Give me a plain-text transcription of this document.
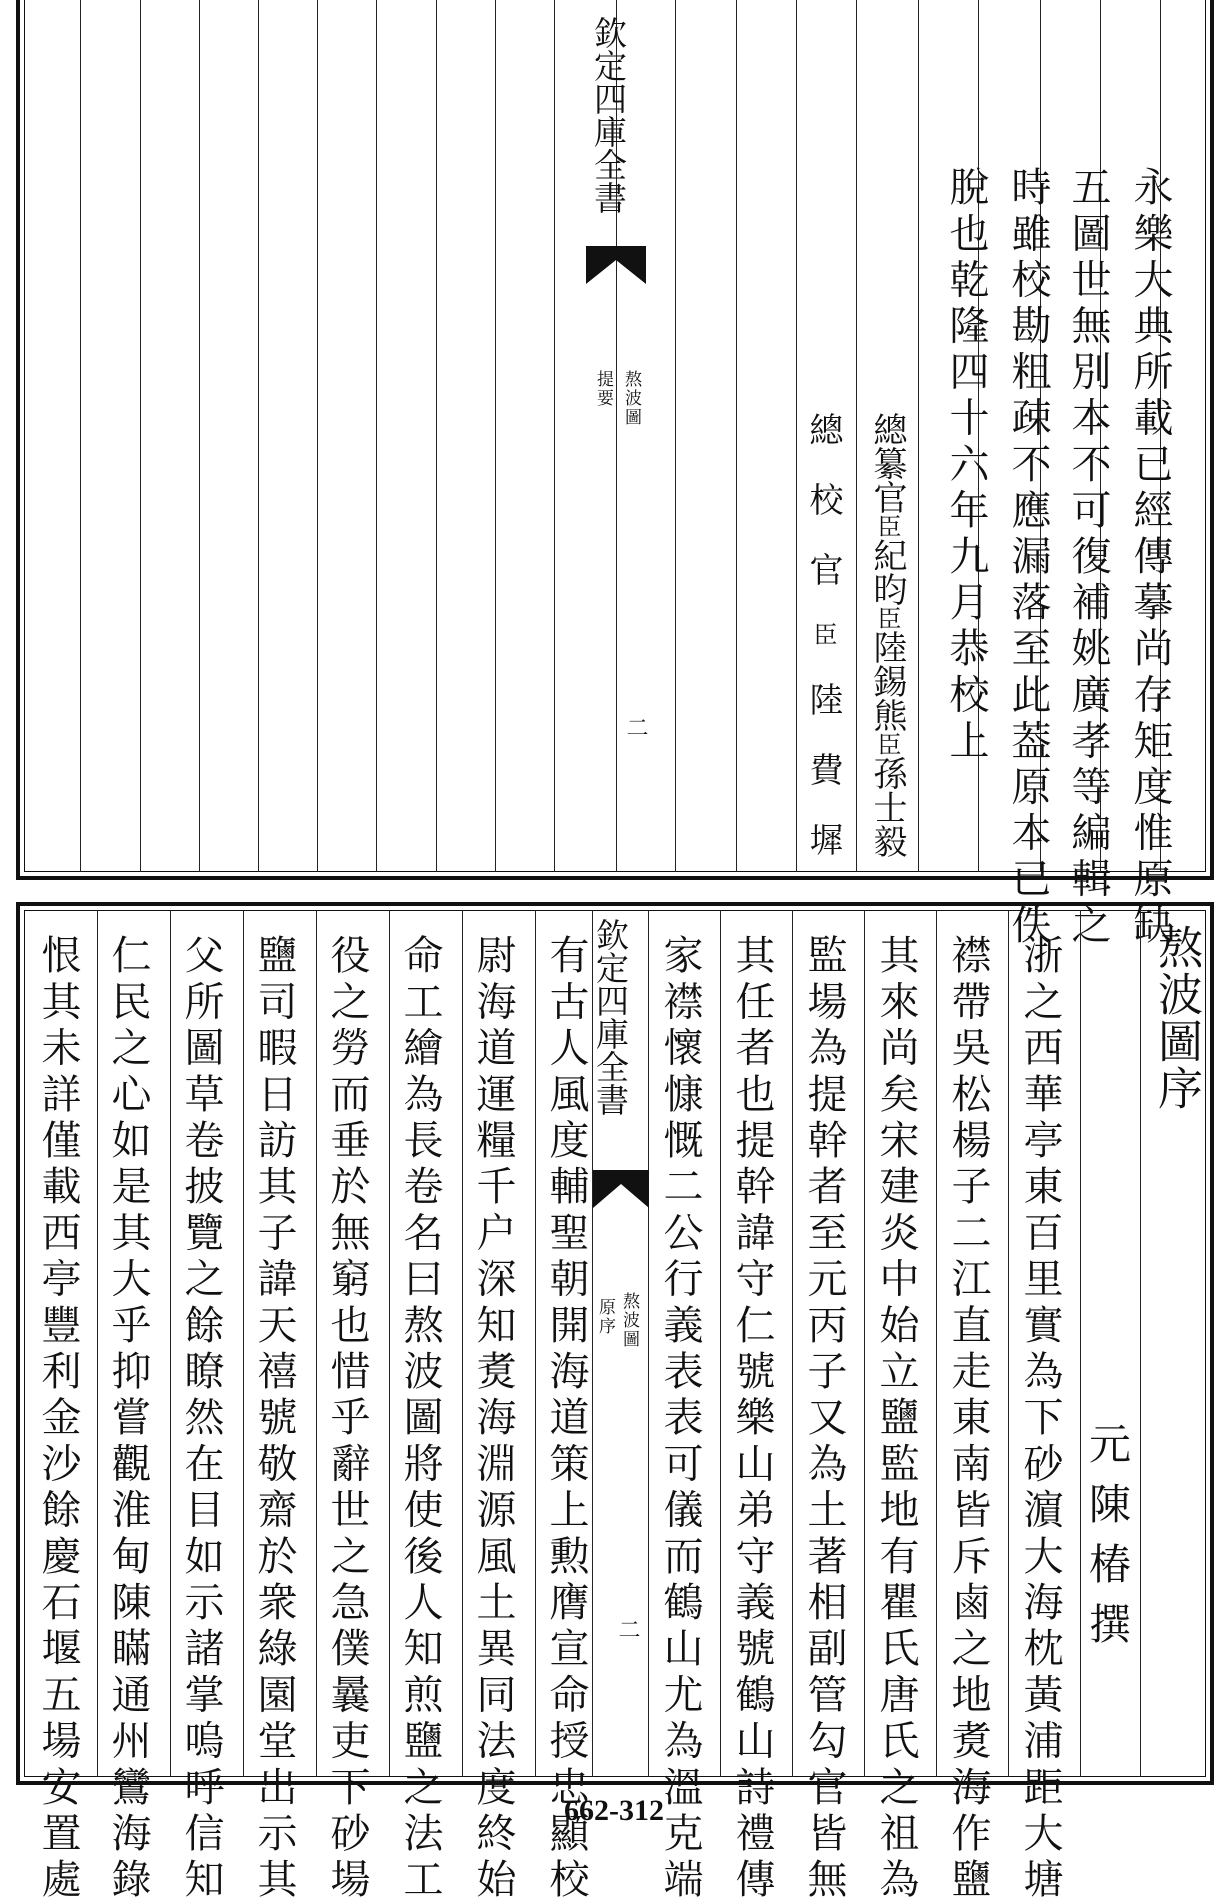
欽定四庫全書
熬波圖
提要
二	永樂大典所載已經傳摹尚存矩度惟原缺
五圖世無別本不可復補姚廣孝等編輯之
時雖校勘粗疎不應漏落至此葢原本已佚
脫也乾隆四十六年九月恭校上
總纂官臣紀昀臣陸錫熊臣孫士毅
總校官臣陸費墀
欽定四庫全書
熬波圖
原序
二
熬波圖序
元陳椿撰
浙之西華亭東百里實為下砂濵大海枕黃浦距大塘
襟帶吳松楊子二江直走東南皆斥鹵之地煑海作鹽
其來尚矣宋建炎中始立鹽監地有瞿氏唐氏之祖為
監場為提幹者至元丙子又為土著相副管勾官皆無
其任者也提幹諱守仁號樂山弟守義號鶴山詩禮傳
家襟懷慷慨二公行義表表可儀而鶴山尤為溫克端
有古人風度輔聖朝開海道策上勲膺宣命授忠顯校
尉海道運糧千户深知煑海淵源風土異同法度終始
命工繪為長卷名曰熬波圖將使後人知煎鹽之法工
役之勞而垂於無窮也惜乎辭世之急僕曩吏下砂場
鹽司暇日訪其子諱天禧號敬齋於衆綠園堂出示其
父所圖草卷披覽之餘瞭然在目如示諸掌嗚呼信知
仁民之心如是其大乎抑嘗觀淮甸陳瞞通州鸞海錄
恨其未詳僅載西亭豐利金沙餘慶石堰五場安置處	662-312
